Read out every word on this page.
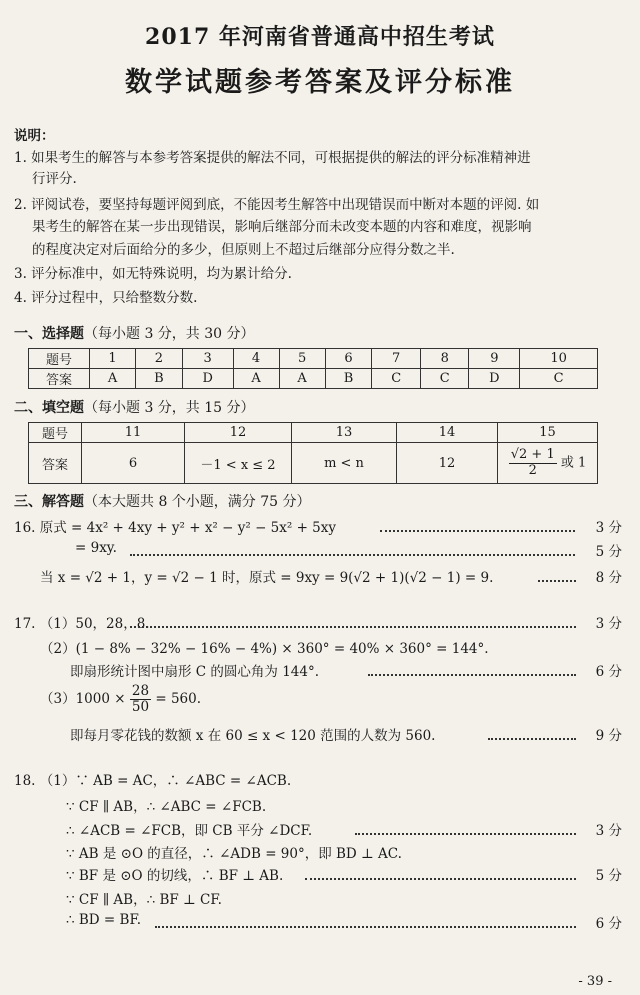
2017 年河南省普通高中招生考试
数学试题参考答案及评分标准
说明：
1. 如果考生的解答与本参考答案提供的解法不同，可根据提供的解法的评分标准精神进
行评分.
2. 评阅试卷，要坚持每题评阅到底，不能因考生解答中出现错误而中断对本题的评阅. 如
果考生的解答在某一步出现错误，影响后继部分而未改变本题的内容和难度，视影响
的程度决定对后面给分的多少，但原则上不超过后继部分应得分数之半.
3. 评分标准中，如无特殊说明，均为累计给分.
4. 评分过程中，只给整数分数.
一、选择题（每小题 3 分，共 30 分）
题号	1	2	3	4	5	6	7	8	9	10
答案	A	B	D	A	A	B	C	C	D	C
二、填空题（每小题 3 分，共 15 分）
题号	11	12	13	14	15
答案	6	－1 < x ≤ 2	m < n	12	$\frac{√2 + 1}{2}$ 或 1
三、解答题（本大题共 8 个小题，满分 75 分）
16. 原式 = 4x² + 4xy + y² + x² − y² − 5x² + 5xy	3 分
= 9xy.	5 分
当 x = √2 + 1，y = √2 − 1 时，原式 = 9xy = 9(√2 + 1)(√2 − 1) = 9.	8 分
17. （1）50，28，8.	3 分
（2）(1 − 8% − 32% − 16% − 4%) × 360° = 40% × 360° = 144°.
即扇形统计图中扇形 C 的圆心角为 144°.	6 分
$(3)1000 \times \frac{28}{50} = 560$.
即每月零花钱的数额 x 在 60 ≤ x < 120 范围的人数为 560.	9 分
18. （1）∵ AB = AC，∴ ∠ABC = ∠ACB.
∵ CF ∥ AB，∴ ∠ABC = ∠FCB.
∴ ∠ACB = ∠FCB，即 CB 平分 ∠DCF.	3 分
∵ AB 是 ⊙O 的直径，∴ ∠ADB = 90°，即 BD ⊥ AC.
∵ BF 是 ⊙O 的切线，∴ BF ⊥ AB.	5 分
∵ CF ∥ AB，∴ BF ⊥ CF.
∴ BD = BF.	6 分
- 39 -
